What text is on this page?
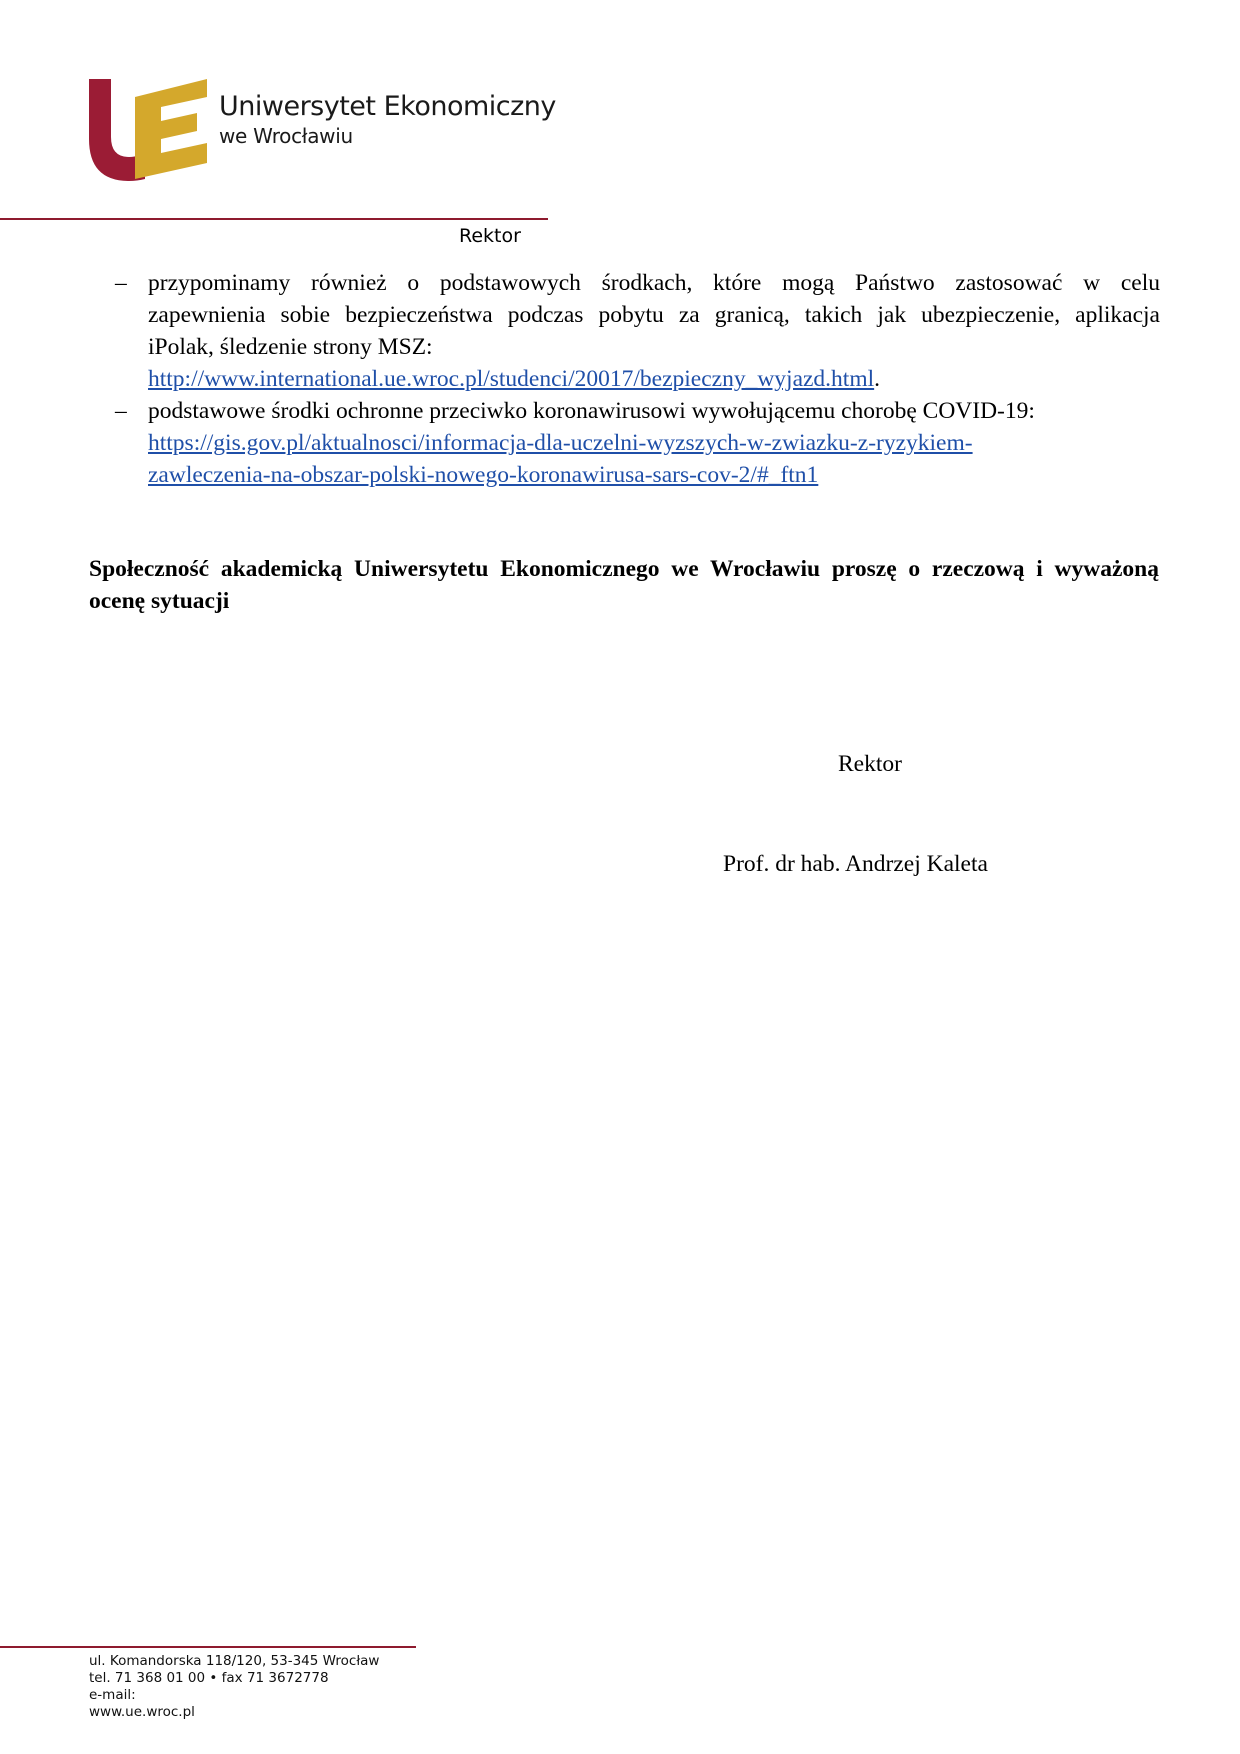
Uniwersytet Ekonomiczny
we Wrocławiu
Rektor
– przypominamy również o podstawowych środkach, które mogą Państwo zastosować w celu
zapewnienia sobie bezpieczeństwa podczas pobytu za granicą, takich jak ubezpieczenie, aplikacja
iPolak, śledzenie strony MSZ:
http://www.international.ue.wroc.pl/studenci/20017/bezpieczny_wyjazd.html.
– podstawowe środki ochronne przeciwko koronawirusowi wywołującemu chorobę COVID-19:
https://gis.gov.pl/aktualnosci/informacja-dla-uczelni-wyzszych-w-zwiazku-z-ryzykiem-
zawleczenia-na-obszar-polski-nowego-koronawirusa-sars-cov-2/#_ftn1
Społeczność akademicką Uniwersytetu Ekonomicznego we Wrocławiu proszę o rzeczową i wyważoną
ocenę sytuacji
Rektor
Prof. dr hab. Andrzej Kaleta
ul. Komandorska 118/120, 53-345 Wrocław
tel. 71 368 01 00 • fax 71 3672778
e-mail:
www.ue.wroc.pl
